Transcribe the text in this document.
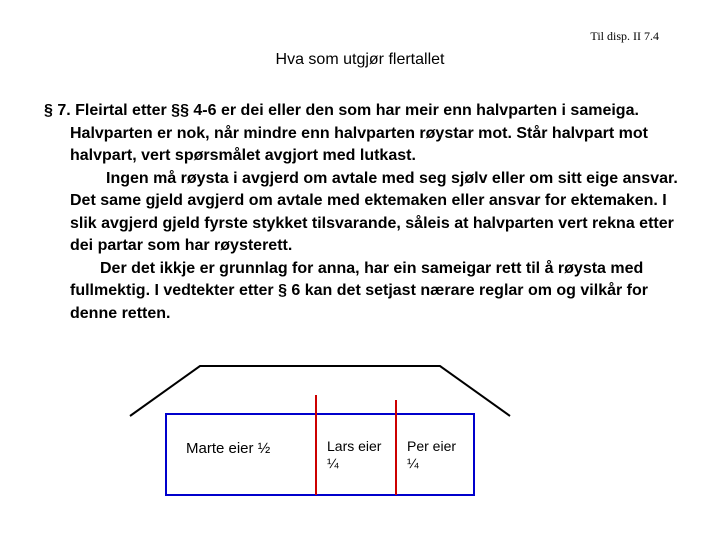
Til disp. II 7.4
Hva som utgjør flertallet

§ 7. Fleirtal etter §§ 4-6 er dei eller den som har meir enn halvparten i sameiga. Halvparten er nok, når mindre enn halvparten røystar mot. Står halvpart mot halvpart, vert spørsmålet avgjort med lutkast.

Ingen må røysta i avgjerd om avtale med seg sjølv eller om sitt eige ansvar. Det same gjeld avgjerd om avtale med ektemaken eller ansvar for ektemaken. I slik avgjerd gjeld fyrste stykket tilsvarande, såleis at halvparten vert rekna etter dei partar som har røysterett.

Der det ikkje er grunnlag for anna, har ein sameigar rett til å røysta med fullmektig. I vedtekter etter § 6 kan det setjast nærare reglar om og vilkår for denne retten.

Marte eier ½	Lars eier ¼
Per eier ¼
